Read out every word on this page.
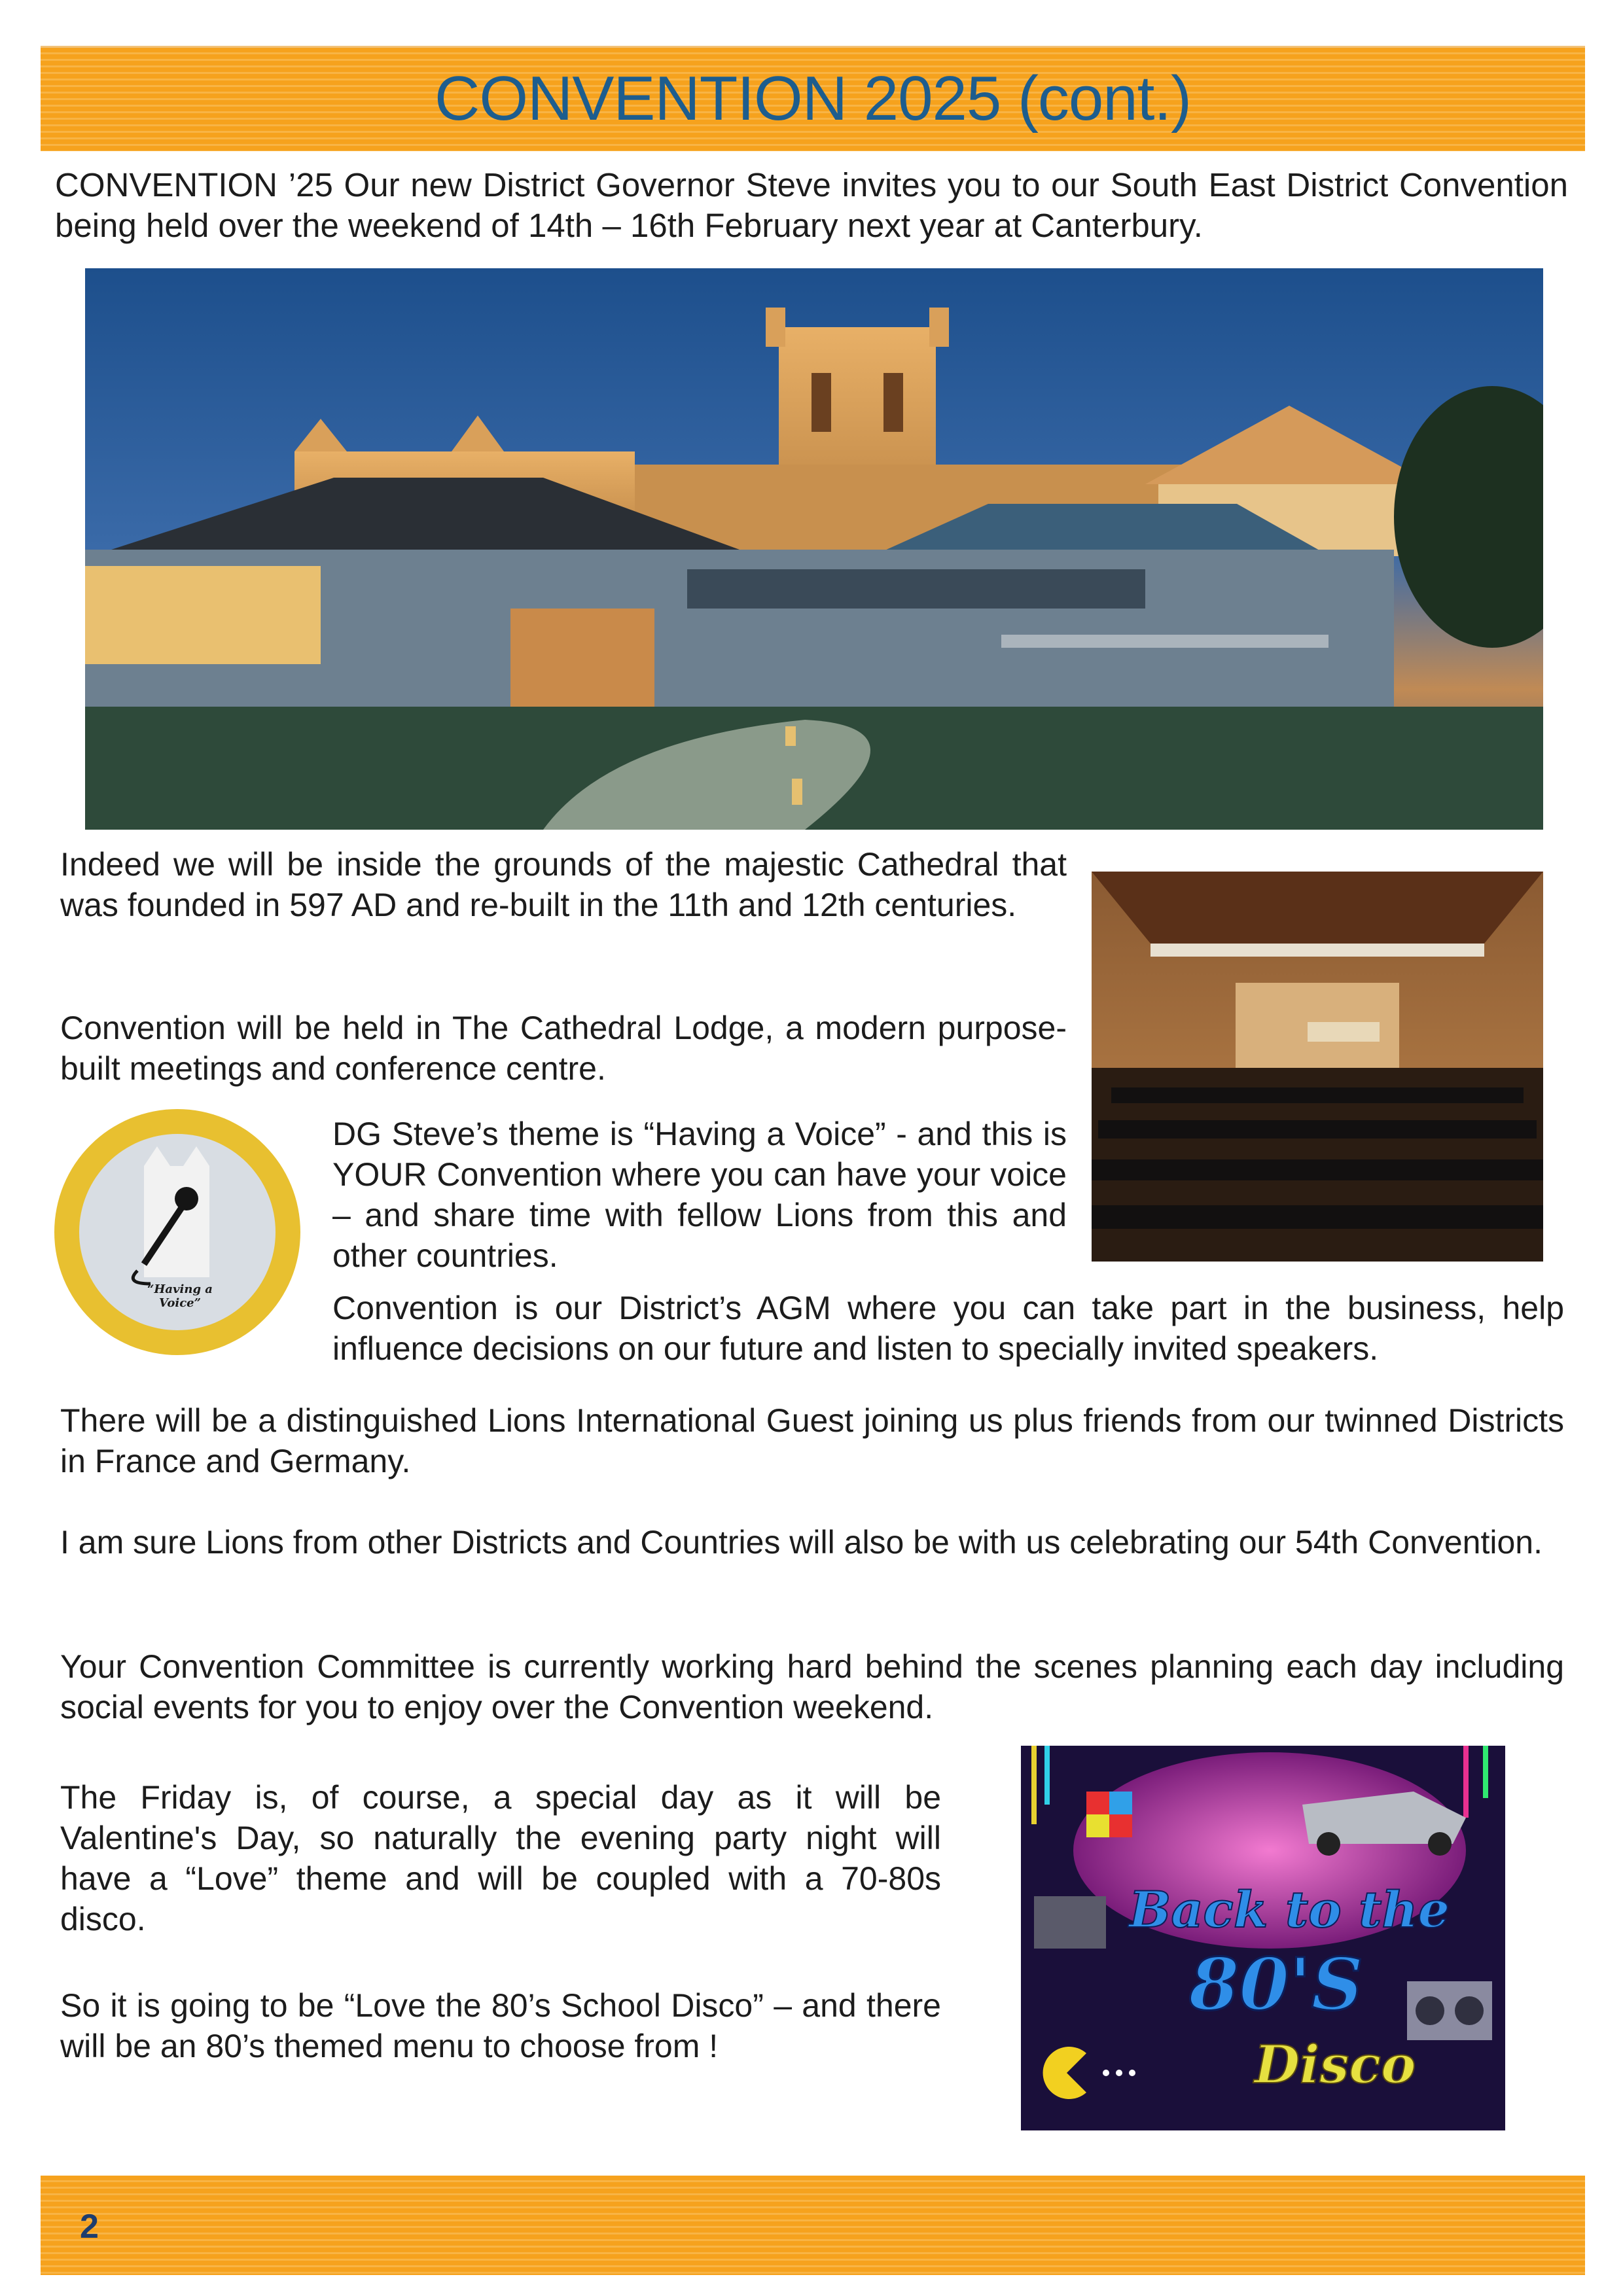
CONVENTION 2025 (cont.)

CONVENTION ’25 Our new District Governor Steve invites you to our South East District Convention being held over the weekend of 14th – 16th February next year at Canterbury.

Indeed we will be inside the grounds of the majestic Cathedral that was founded in 597 AD and re-built in the 11th and 12th centuries.

Convention will be held in The Cathedral Lodge, a modern purpose-built meetings and conference centre.

“Having a Voice”

DG Steve’s theme is “Having a Voice” - and this is YOUR Convention where you can have your voice – and share time with fellow Lions from this and other countries.

Convention is our District’s AGM where you can take part in the business, help influence decisions on our future and listen to specially invited speakers.

There will be a distinguished Lions International Guest joining us plus friends from our twinned Districts in France and Germany.

I am sure Lions from other Districts and Countries will also be with us celebrating our 54th Convention.

Your Convention Committee is currently working hard behind the scenes planning each day including social events for you to enjoy over the Convention weekend.

The Friday is, of course, a special day as it will be Valentine's Day, so naturally the evening party night will have a “Love” theme and will be coupled with a 70-80s disco.

So it is going to be “Love the 80’s School Disco” – and there will be an 80’s themed menu to choose from !

Back to the
80'S
Disco
2
